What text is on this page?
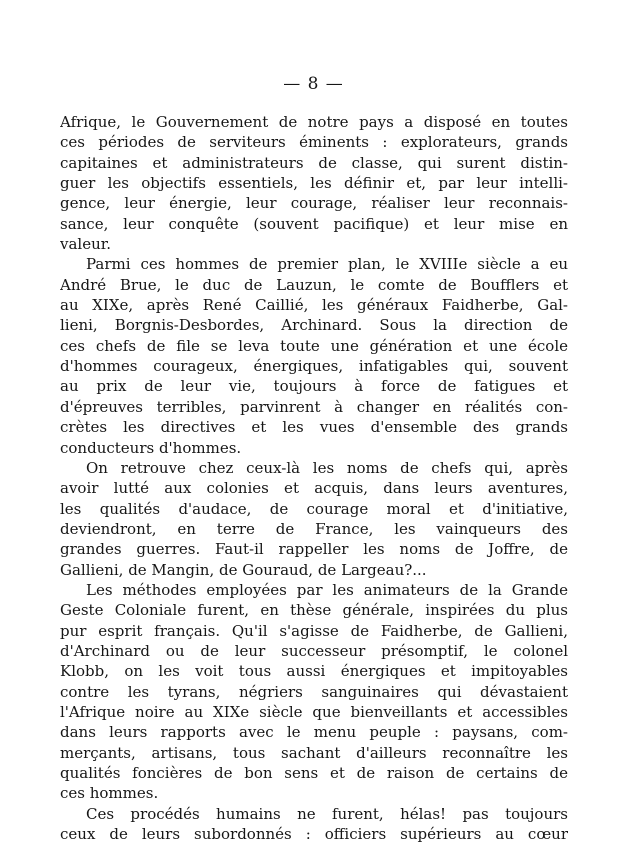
— 8 —
Afrique, le Gouvernement de notre pays a disposé en toutes
ces périodes de serviteurs éminents : explorateurs, grands
capitaines et administrateurs de classe, qui surent distin-
guer les objectifs essentiels, les définir et, par leur intelli-
gence, leur énergie, leur courage, réaliser leur reconnais-
sance, leur conquête (souvent pacifique) et leur mise en
valeur.
Parmi ces hommes de premier plan, le XVIIIe siècle a eu
André Brue, le duc de Lauzun, le comte de Boufflers et
au XIXe, après René Caillié, les généraux Faidherbe, Gal-
lieni, Borgnis-Desbordes, Archinard. Sous la direction de
ces chefs de file se leva toute une génération et une école
d'hommes courageux, énergiques, infatigables qui, souvent
au prix de leur vie, toujours à force de fatigues et
d'épreuves terribles, parvinrent à changer en réalités con-
crètes les directives et les vues d'ensemble des grands
conducteurs d'hommes.
On retrouve chez ceux-là les noms de chefs qui, après
avoir lutté aux colonies et acquis, dans leurs aventures,
les qualités d'audace, de courage moral et d'initiative,
deviendront, en terre de France, les vainqueurs des
grandes guerres. Faut-il rappeller les noms de Joffre, de
Gallieni, de Mangin, de Gouraud, de Largeau?...
Les méthodes employées par les animateurs de la Grande
Geste Coloniale furent, en thèse générale, inspirées du plus
pur esprit français. Qu'il s'agisse de Faidherbe, de Gallieni,
d'Archinard ou de leur successeur présomptif, le colonel
Klobb, on les voit tous aussi énergiques et impitoyables
contre les tyrans, négriers sanguinaires qui dévastaient
l'Afrique noire au XIXe siècle que bienveillants et accessibles
dans leurs rapports avec le menu peuple : paysans, com-
merçants, artisans, tous sachant d'ailleurs reconnaître les
qualités foncières de bon sens et de raison de certains de
ces hommes.
Ces procédés humains ne furent, hélas! pas toujours
ceux de leurs subordonnés : officiers supérieurs au cœur
